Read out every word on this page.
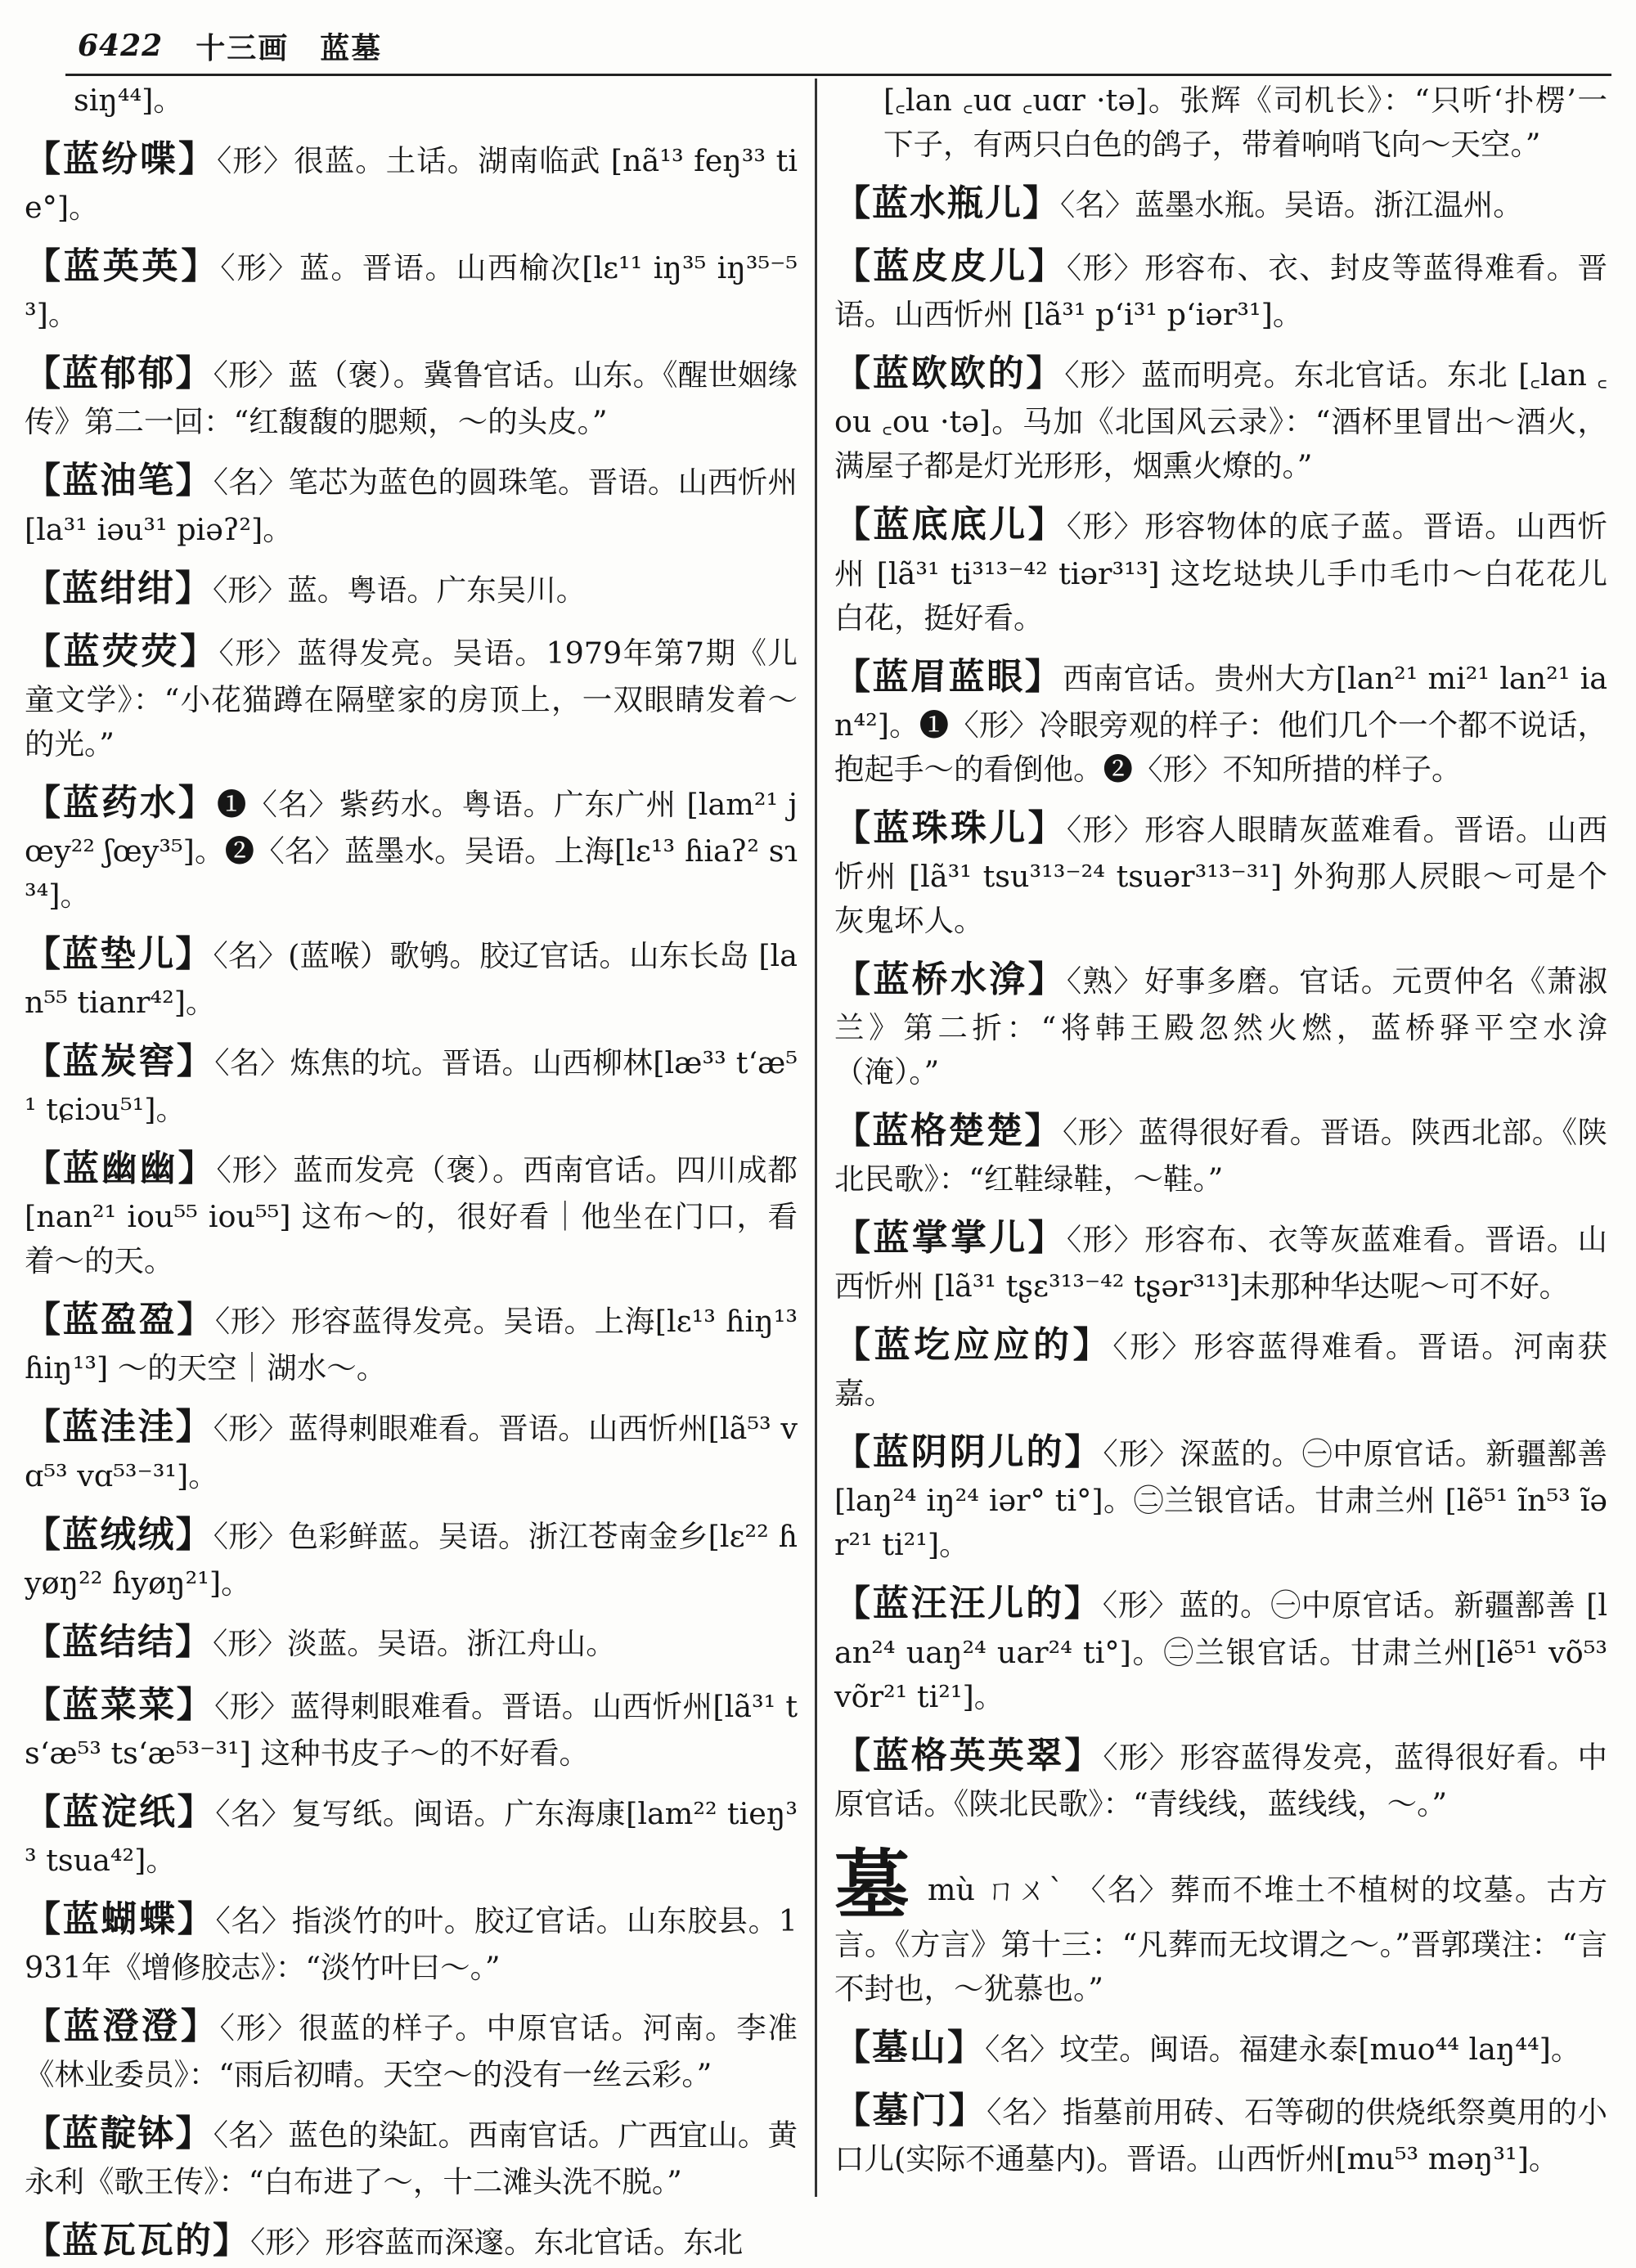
6422 十三画　蓝墓
siŋ⁴⁴]。
【蓝纷喋】〈形〉很蓝。土话。湖南临武 [nã¹³ feŋ³³ tie°]。
【蓝英英】〈形〉蓝。晋语。山西榆次[lɛ¹¹ iŋ³⁵ iŋ³⁵⁻⁵³]。
【蓝郁郁】〈形〉蓝（褒）。冀鲁官话。山东。《醒世姻缘传》第二一回：“红馥馥的腮颊，～的头皮。”
【蓝油笔】〈名〉笔芯为蓝色的圆珠笔。晋语。山西忻州 [la³¹ iəu³¹ piəʔ²]。
【蓝绀绀】〈形〉蓝。粤语。广东吴川。
【蓝荧荧】〈形〉蓝得发亮。吴语。1979年第7期《儿童文学》：“小花猫蹲在隔壁家的房顶上，一双眼睛发着～的光。”
【蓝药水】❶〈名〉紫药水。粤语。广东广州 [lam²¹ jœy²² ʃœy³⁵]。❷〈名〉蓝墨水。吴语。上海[lɛ¹³ ɦiaʔ² sɿ³⁴]。
【蓝垫儿】〈名〉(蓝喉）歌鸲。胶辽官话。山东长岛 [lan⁵⁵ tianr⁴²]。
【蓝炭窖】〈名〉炼焦的坑。晋语。山西柳林[læ³³ t‘æ⁵¹ tɕiɔu⁵¹]。
【蓝幽幽】〈形〉蓝而发亮（褒）。西南官话。四川成都 [nan²¹ iou⁵⁵ iou⁵⁵] 这布～的，很好看｜他坐在门口，看着～的天。
【蓝盈盈】〈形〉形容蓝得发亮。吴语。上海[lɛ¹³ ɦiŋ¹³ ɦiŋ¹³] ～的天空｜湖水～。
【蓝洼洼】〈形〉蓝得刺眼难看。晋语。山西忻州[lã⁵³ vɑ⁵³ vɑ⁵³⁻³¹]。
【蓝绒绒】〈形〉色彩鲜蓝。吴语。浙江苍南金乡[lɛ²² ɦyøŋ²² ɦyøŋ²¹]。
【蓝结结】〈形〉淡蓝。吴语。浙江舟山。
【蓝菜菜】〈形〉蓝得刺眼难看。晋语。山西忻州[lã³¹ ts‘æ⁵³ ts‘æ⁵³⁻³¹] 这种书皮子～的不好看。
【蓝淀纸】〈名〉复写纸。闽语。广东海康[lam²² tieŋ³³ tsua⁴²]。
【蓝蝴蝶】〈名〉指淡竹的叶。胶辽官话。山东胶县。1931年《增修胶志》：“淡竹叶曰～。”
【蓝澄澄】〈形〉很蓝的样子。中原官话。河南。李准《林业委员》：“雨后初晴。天空～的没有一丝云彩。”
【蓝靛钵】〈名〉蓝色的染缸。西南官话。广西宜山。黄永利《歌王传》：“白布进了～，十二滩头洗不脱。”
【蓝瓦瓦的】〈形〉形容蓝而深邃。东北官话。东北
[꜀lan ꜀uɑ ꜀uɑr ·tə]。张辉《司机长》：“只听‘扑楞’一下子，有两只白色的鸽子，带着响哨飞向～天空。”
【蓝水瓶儿】〈名〉蓝墨水瓶。吴语。浙江温州。
【蓝皮皮儿】〈形〉形容布、衣、封皮等蓝得难看。晋语。山西忻州 [lã³¹ p‘i³¹ p‘iər³¹]。
【蓝欧欧的】〈形〉蓝而明亮。东北官话。东北 [꜀lan ꜀ou ꜀ou ·tə]。马加《北国风云录》：“酒杯里冒出～酒火，满屋子都是灯光形形，烟熏火燎的。”
【蓝底底儿】〈形〉形容物体的底子蓝。晋语。山西忻州 [lã³¹ ti³¹³⁻⁴² tiər³¹³] 这圪垯块儿手巾毛巾～白花花儿白花，挺好看。
【蓝眉蓝眼】西南官话。贵州大方[lan²¹ mi²¹ lan²¹ ian⁴²]。❶〈形〉冷眼旁观的样子：他们几个一个都不说话，抱起手～的看倒他。❷〈形〉不知所措的样子。
【蓝珠珠儿】〈形〉形容人眼睛灰蓝难看。晋语。山西忻州 [lã³¹ tsu³¹³⁻²⁴ tsuər³¹³⁻³¹] 外狗那人屄眼～可是个灰鬼坏人。
【蓝桥水渰】〈熟〉好事多磨。官话。元贾仲名《萧淑兰》第二折：“将韩王殿忽然火燃，蓝桥驿平空水渰（淹）。”
【蓝格楚楚】〈形〉蓝得很好看。晋语。陕西北部。《陕北民歌》：“红鞋绿鞋，～鞋。”
【蓝掌掌儿】〈形〉形容布、衣等灰蓝难看。晋语。山西忻州 [lã³¹ tʂɛ³¹³⁻⁴² tʂər³¹³]未那种华达呢～可不好。
【蓝圪应应的】〈形〉形容蓝得难看。晋语。河南获嘉。
【蓝阴阴儿的】〈形〉深蓝的。㊀中原官话。新疆鄯善 [laŋ²⁴ iŋ²⁴ iər° ti°]。㊁兰银官话。甘肃兰州 [lẽ⁵¹ ĩn⁵³ ĩər²¹ ti²¹]。
【蓝汪汪儿的】〈形〉蓝的。㊀中原官话。新疆鄯善 [lan²⁴ uaŋ²⁴ uar²⁴ ti°]。㊁兰银官话。甘肃兰州[lẽ⁵¹ võ⁵³ võr²¹ ti²¹]。
【蓝格英英翠】〈形〉形容蓝得发亮，蓝得很好看。中原官话。《陕北民歌》：“青线线，蓝线线，～。”
墓mù ㄇㄨˋ 〈名〉葬而不堆土不植树的坟墓。古方言。《方言》第十三：“凡葬而无坟谓之～。”晋郭璞注：“言不封也，～犹慕也。”
【墓山】〈名〉坟茔。闽语。福建永泰[muo⁴⁴ laŋ⁴⁴]。
【墓门】〈名〉指墓前用砖、石等砌的供烧纸祭奠用的小口儿(实际不通墓内)。晋语。山西忻州[mu⁵³ məŋ³¹]。
